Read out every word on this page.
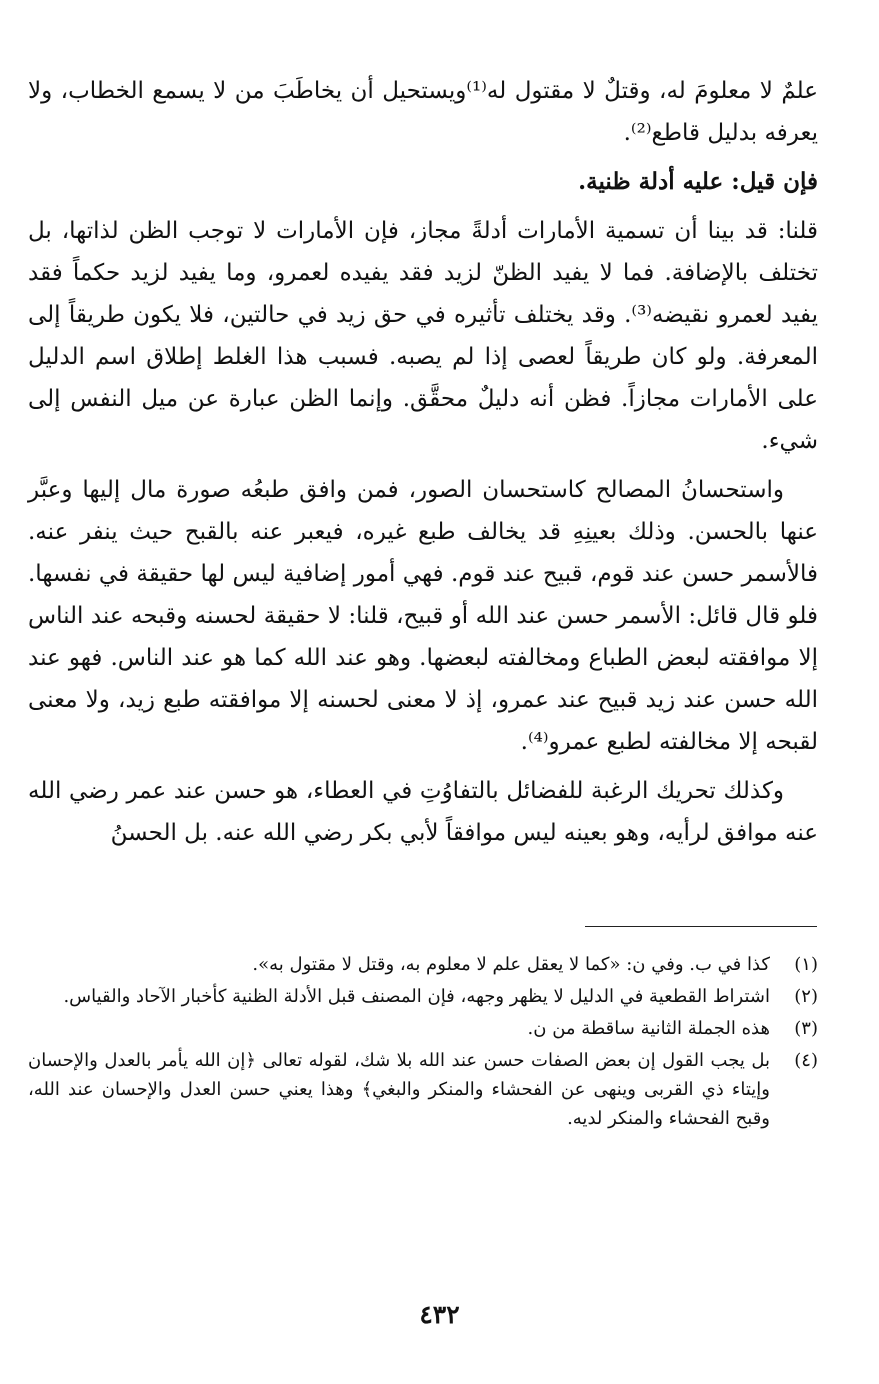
علمٌ لا معلومَ له، وقتلٌ لا مقتول له⁽¹⁾ويستحيل أن يخاطَبَ من لا يسمع الخطاب، ولا يعرفه بدليل قاطع⁽²⁾.

فإن قيل: عليه أدلة ظنية.

قلنا: قد بينا أن تسمية الأمارات أدلةً مجاز، فإن الأمارات لا توجب الظن لذاتها، بل تختلف بالإضافة. فما لا يفيد الظنّ لزيد فقد يفيده لعمرو، وما يفيد لزيد حكماً فقد يفيد لعمرو نقيضه⁽³⁾. وقد يختلف تأثيره في حق زيد في حالتين، فلا يكون طريقاً إلى المعرفة. ولو كان طريقاً لعصى إذا لم يصبه. فسبب هذا الغلط إطلاق اسم الدليل على الأمارات مجازاً. فظن أنه دليلٌ محقَّق. وإنما الظن عبارة عن ميل النفس إلى شيء.

واستحسانُ المصالح كاستحسان الصور، فمن وافق طبعُه صورة مال إليها وعبَّر عنها بالحسن. وذلك بعينِهِ قد يخالف طبع غيره، فيعبر عنه بالقبح حيث ينفر عنه. فالأسمر حسن عند قوم، قبيح عند قوم. فهي أمور إضافية ليس لها حقيقة في نفسها. فلو قال قائل: الأسمر حسن عند الله أو قبيح، قلنا: لا حقيقة لحسنه وقبحه عند الناس إلا موافقته لبعض الطباع ومخالفته لبعضها. وهو عند الله كما هو عند الناس. فهو عند الله حسن عند زيد قبيح عند عمرو، إذ لا معنى لحسنه إلا موافقته طبع زيد، ولا معنى لقبحه إلا مخالفته لطبع عمرو⁽⁴⁾.

وكذلك تحريك الرغبة للفضائل بالتفاوُتِ في العطاء، هو حسن عند عمر رضي الله عنه موافق لرأيه، وهو بعينه ليس موافقاً لأبي بكر رضي الله عنه. بل الحسنُ

(١)
كذا في ب. وفي ن: «كما لا يعقل علم لا معلوم به، وقتل لا مقتول به».
(٢)
اشتراط القطعية في الدليل لا يظهر وجهه، فإن المصنف قبل الأدلة الظنية كأخبار الآحاد والقياس.
(٣)
هذه الجملة الثانية ساقطة من ن.
(٤)
بل يجب القول إن بعض الصفات حسن عند الله بلا شك، لقوله تعالى ﴿إن الله يأمر بالعدل والإحسان وإيتاء ذي القربى وينهى عن الفحشاء والمنكر والبغي﴾ وهذا يعني حسن العدل والإحسان عند الله، وقبح الفحشاء والمنكر لديه.
٤٣٢
